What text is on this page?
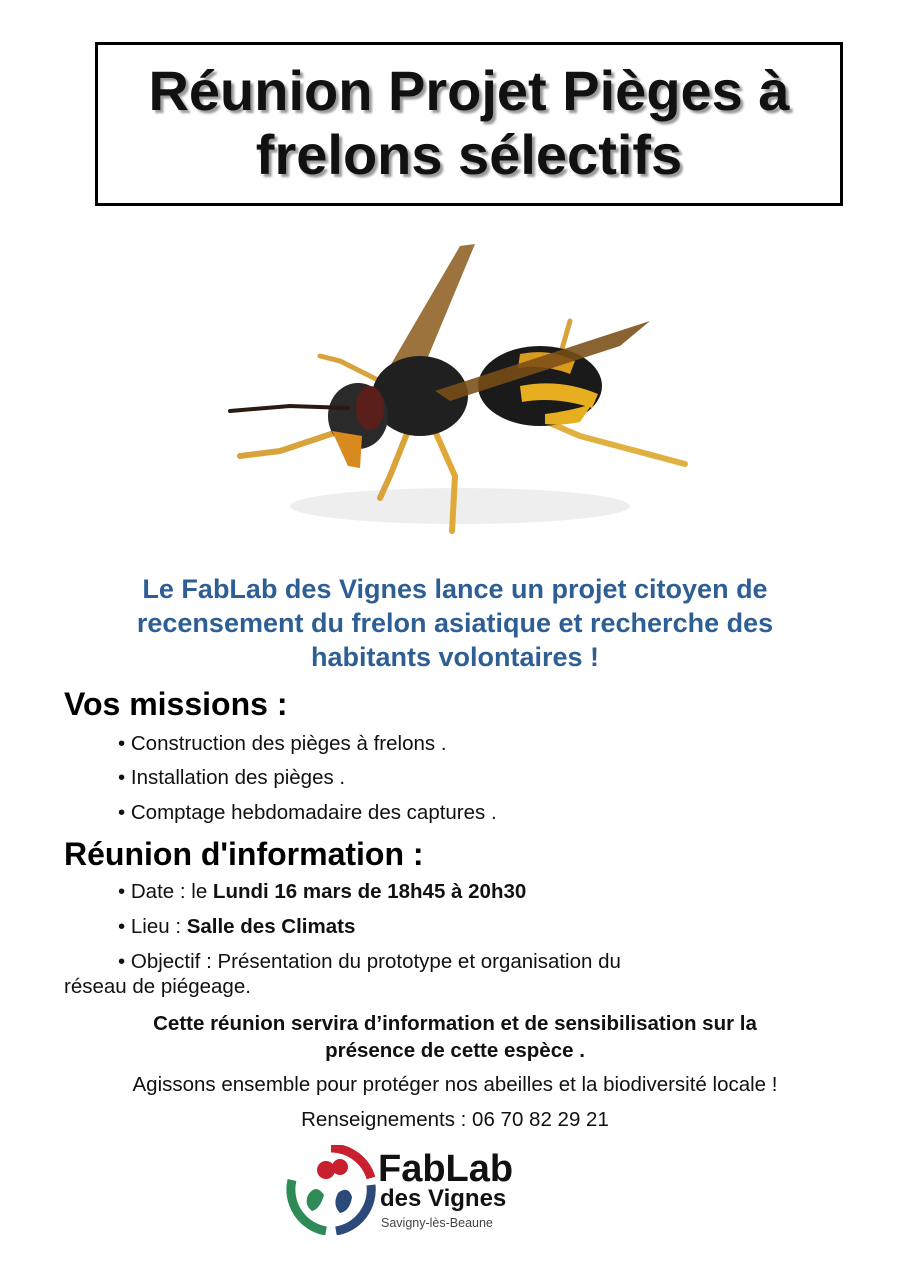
Réunion Projet Pièges à
frelons sélectifs
Le FabLab des Vignes lance un projet citoyen de
recensement du frelon asiatique et recherche des
habitants volontaires !
Vos missions :
• Construction des pièges à frelons .
• Installation des pièges .
• Comptage hebdomadaire des captures .
Réunion d'information :
• Date : le Lundi 16 mars de 18h45 à 20h30
• Lieu : Salle des Climats
• Objectif : Présentation du prototype et organisation du
réseau de piégeage.
Cette réunion servira d’information et de sensibilisation sur la
présence de cette espèce .
Agissons ensemble pour protéger nos abeilles et la biodiversité locale !
Renseignements : 06 70 82 29 21
FabLab
des Vignes
Savigny-lès-Beaune
